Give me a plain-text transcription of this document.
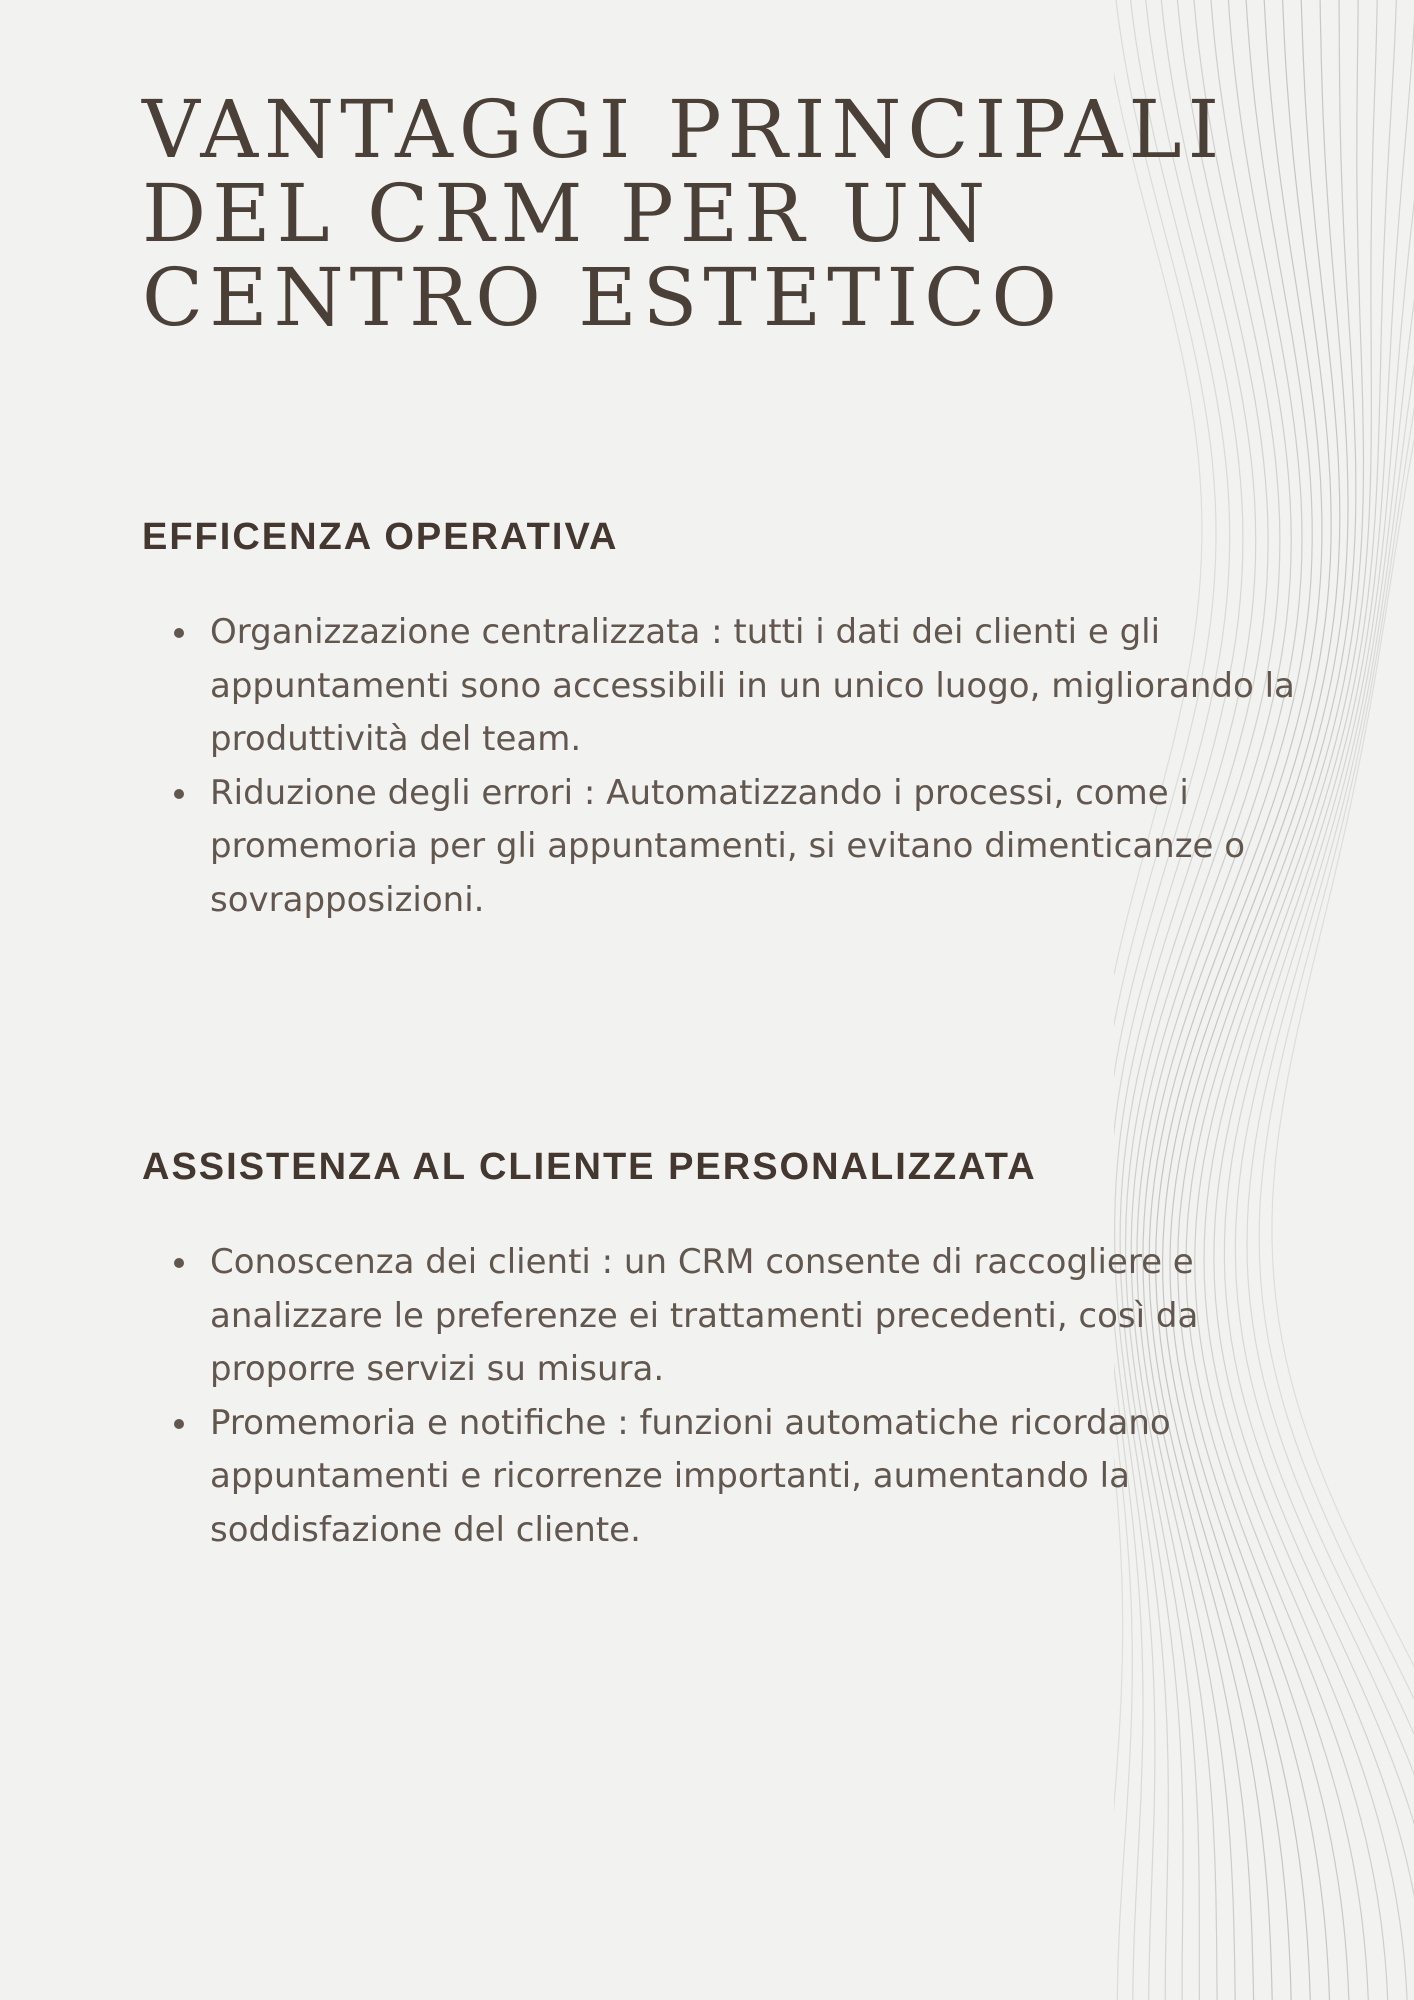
VANTAGGI PRINCIPALI DEL CRM PER UN CENTRO ESTETICO
EFFICENZA OPERATIVA
Organizzazione centralizzata : tutti i dati dei clienti e gli appuntamenti sono accessibili in un unico luogo, migliorando la produttività del team.
Riduzione degli errori : Automatizzando i processi, come i promemoria per gli appuntamenti, si evitano dimenticanze o sovrapposizioni.
ASSISTENZA AL CLIENTE PERSONALIZZATA
Conoscenza dei clienti : un CRM consente di raccogliere e analizzare le preferenze ei trattamenti precedenti, così da proporre servizi su misura.
Promemoria e notifiche : funzioni automatiche ricordano appuntamenti e ricorrenze importanti, aumentando la soddisfazione del cliente.
